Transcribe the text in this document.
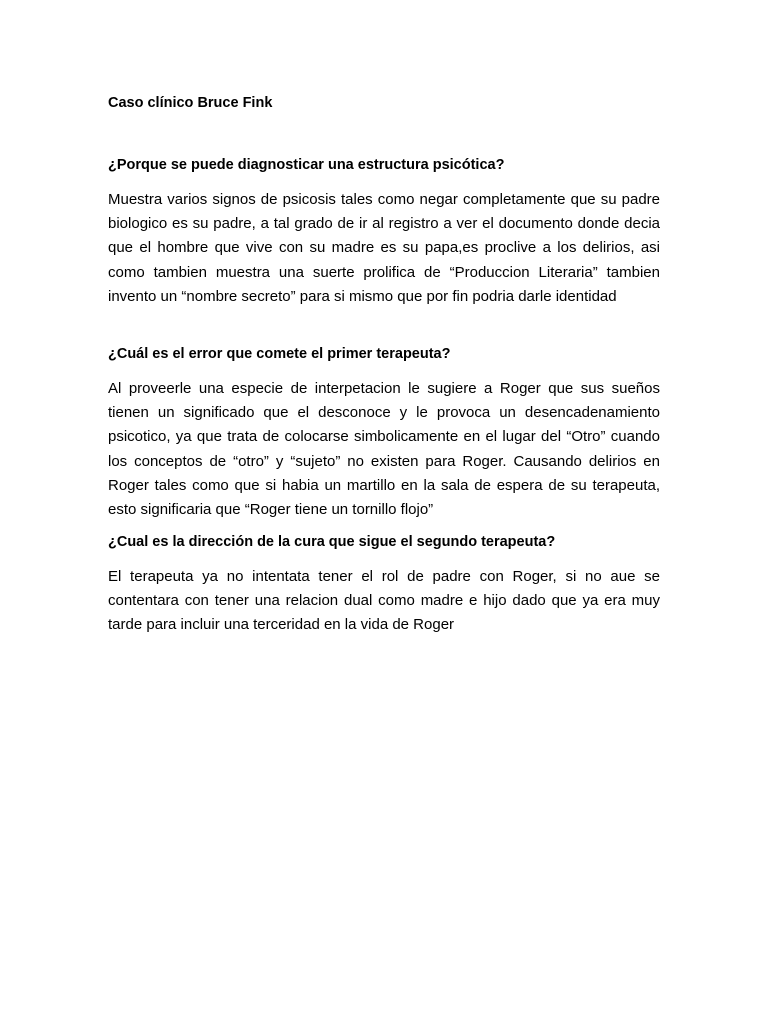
Caso clínico Bruce Fink

¿Porque se puede diagnosticar una estructura psicótica?

Muestra varios signos de psicosis tales como negar completamente que su padre biologico es su padre, a tal grado de ir al registro a ver el documento donde decia que el hombre que vive con su madre es su papa,es proclive a los delirios, asi como tambien muestra una suerte prolifica de “Produccion Literaria” tambien invento un “nombre secreto” para si mismo que por fin podria darle identidad

¿Cuál es el error que comete el primer terapeuta?

Al proveerle una especie de interpetacion le sugiere a Roger que sus sueños tienen un significado que el desconoce y le provoca un desencadenamiento psicotico, ya que trata de colocarse simbolicamente en el lugar del “Otro” cuando los conceptos de “otro” y “sujeto” no existen para Roger. Causando delirios en Roger tales como que si habia un martillo en la sala de espera de su terapeuta, esto significaria que “Roger tiene un tornillo flojo”

¿Cual es la dirección de la cura que sigue el segundo terapeuta?

El terapeuta ya no intentata tener el rol de padre con Roger, si no aue se contentara con tener una relacion dual como madre e hijo dado que ya era muy tarde para incluir una terceridad en la vida de Roger
